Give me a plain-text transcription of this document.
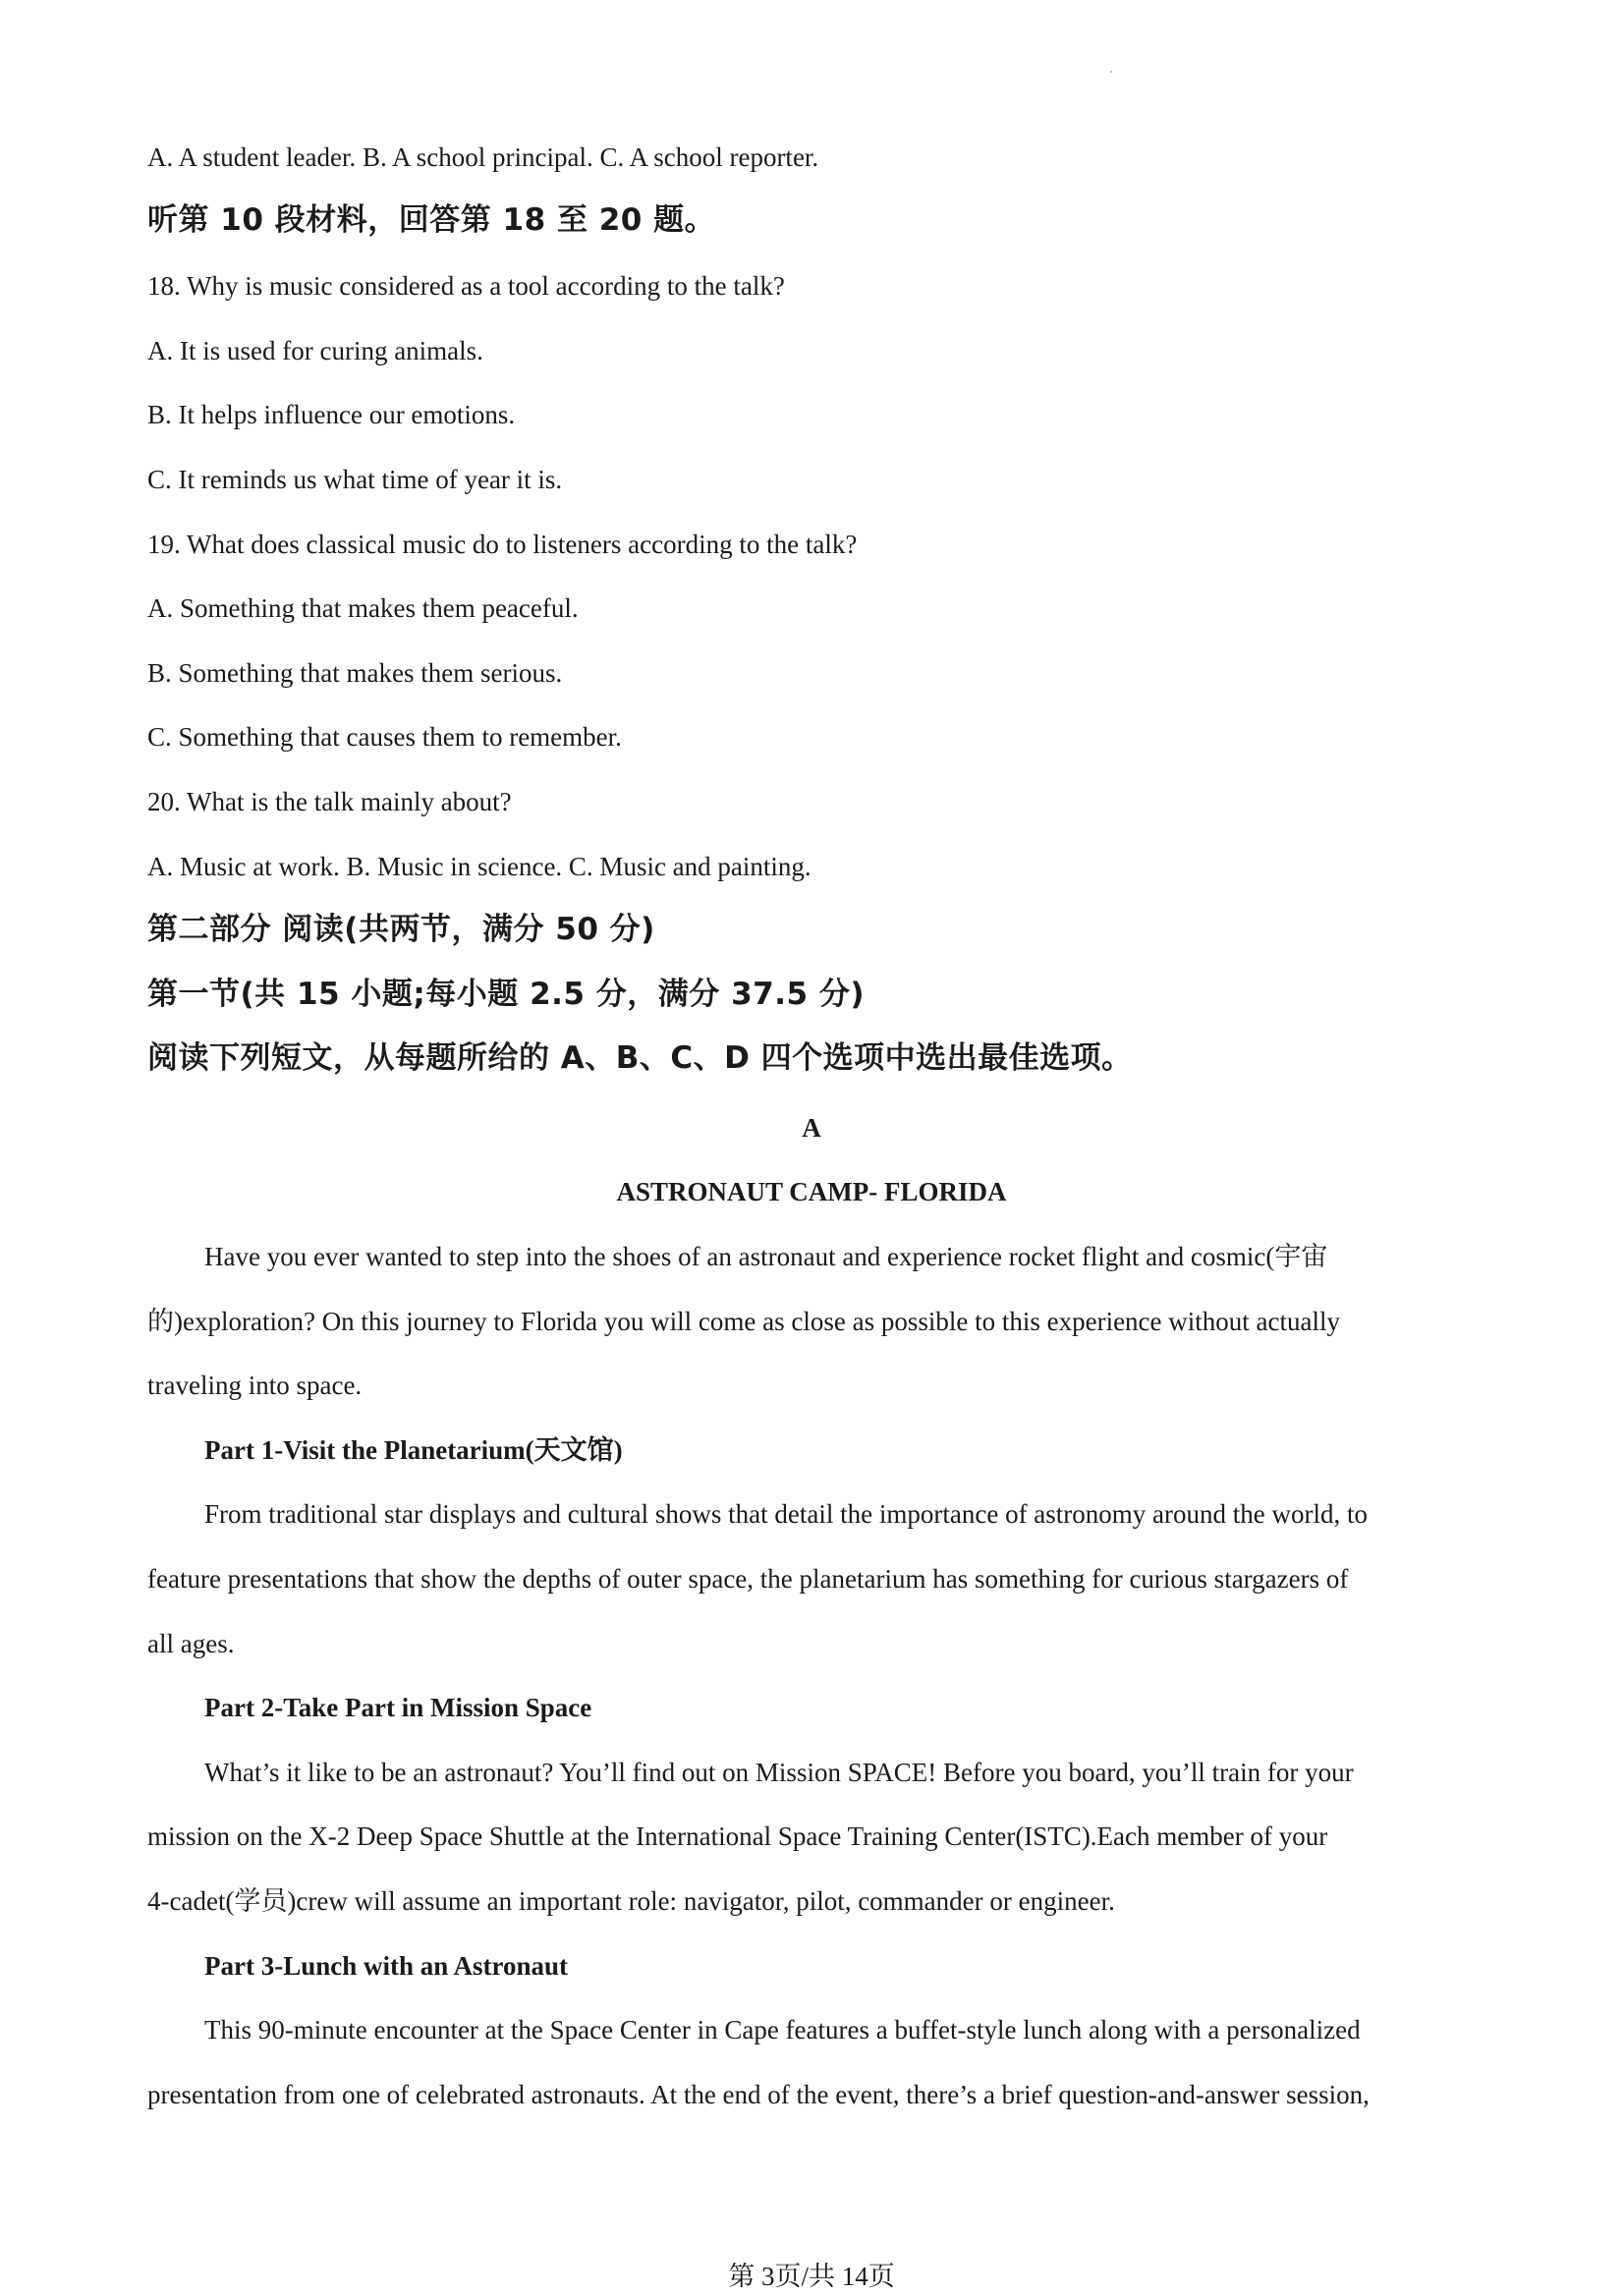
A. A student leader. B. A school principal. C. A school reporter.
听第 10 段材料，回答第 18 至 20 题。
18. Why is music considered as a tool according to the talk?
A. It is used for curing animals.
B. It helps influence our emotions.
C. It reminds us what time of year it is.
19. What does classical music do to listeners according to the talk?
A. Something that makes them peaceful.
B. Something that makes them serious.
C. Something that causes them to remember.
20. What is the talk mainly about?
A. Music at work. B. Music in science. C. Music and painting.
第二部分 阅读(共两节，满分 50 分)
第一节(共 15 小题;每小题 2.5 分，满分 37.5 分)
阅读下列短文，从每题所给的 A、B、C、D 四个选项中选出最佳选项。
A
ASTRONAUT CAMP- FLORIDA
Have you ever wanted to step into the shoes of an astronaut and experience rocket flight and cosmic(宇宙
的)exploration? On this journey to Florida you will come as close as possible to this experience without actually
traveling into space.
Part 1-Visit the Planetarium(天文馆)
From traditional star displays and cultural shows that detail the importance of astronomy around the world, to
feature presentations that show the depths of outer space, the planetarium has something for curious stargazers of
all ages.
Part 2-Take Part in Mission Space
What’s it like to be an astronaut? You’ll find out on Mission SPACE! Before you board, you’ll train for your
mission on the X-2 Deep Space Shuttle at the International Space Training Center(ISTC).Each member of your
4-cadet(学员)crew will assume an important role: navigator, pilot, commander or engineer.
Part 3-Lunch with an Astronaut
This 90-minute encounter at the Space Center in Cape features a buffet-style lunch along with a personalized
presentation from one of celebrated astronauts. At the end of the event, there’s a brief question-and-answer session,
第 3页/共 14页
